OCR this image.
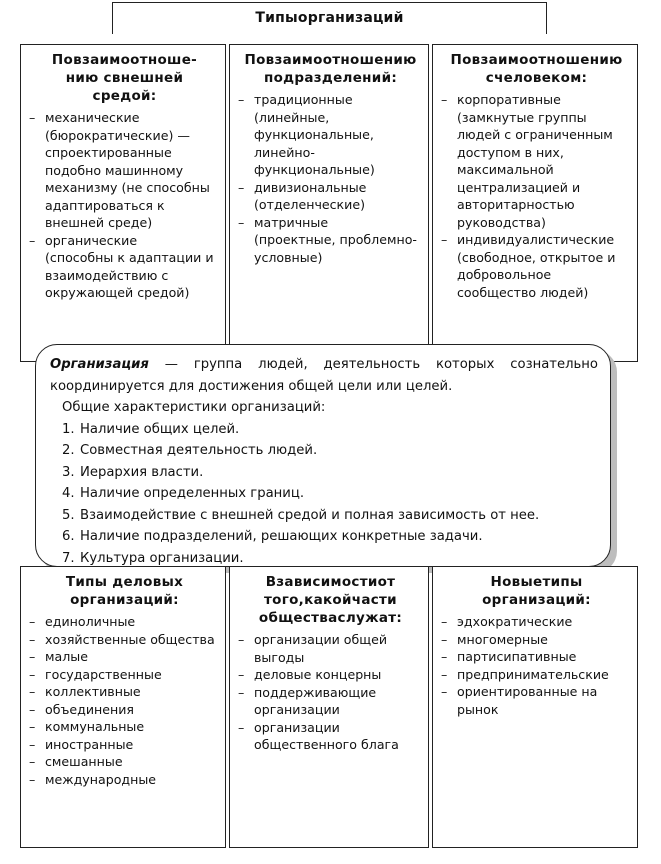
Типыорганизаций
Повзаимоотноше-
нию свнешней
средой:
– механические
(бюрократические) — спроектированные подобно машинному механизму (не способны адаптироваться к внешней среде)
– органические
(способны к адаптации и взаимодействию с окружающей средой)
Повзаимоотношению
подразделений:
– традиционные
(линейные, функциональные, линейно-функциональные)
– дивизиональные
(отделенческие)
– матричные
(проектные, проблемно-условные)
Повзаимоотношению
счеловеком:
– корпоративные
(замкнутые группы людей с ограниченным доступом в них, максимальной централизацией и авторитарностью руководства)
– индивидуалистические
(свободное, открытое и добровольное сообщество людей)
Организация — группа людей, деятельность которых сознательно координируется для достижения общей цели или целей.
Общие характеристики организаций:
1. Наличие общих целей.
2. Совместная деятельность людей.
3. Иерархия власти.
4. Наличие определенных границ.
5. Взаимодействие с внешней средой и полная зависимость от нее.
6. Наличие подразделений, решающих конкретные задачи.
7. Культура организации.
Типы деловых
организаций:
– единоличные
– хозяйственные общества
– малые
– государственные
– коллективные
– объединения
– коммунальные
– иностранные
– смешанные
– международные
Взависимостиот
того,какойчасти
обществаслужат:
– организации общей выгоды
– деловые концерны
– поддерживающие организации
– организации общественного блага
Новыетипы
организаций:
– эдхократические
– многомерные
– партисипативные
– предпринимательские
– ориентированные на рынок
